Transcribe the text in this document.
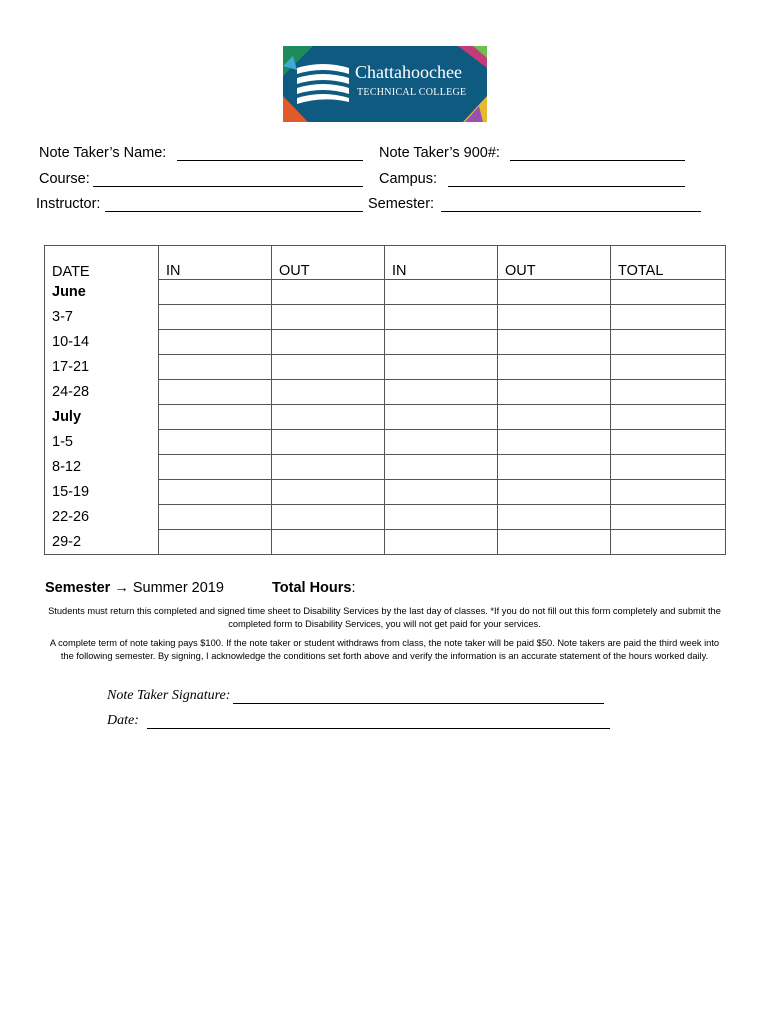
Chattahoochee
TECHNICAL COLLEGE
Note Taker’s Name:	Note Taker’s 900#:
Course:	Campus:
Instructor:	Semester:
DATE	IN	OUT	IN	OUT	TOTAL
June					
3-7					
10-14					
17-21					
24-28					
July					
1-5					
8-12					
15-19					
22-26					
29-2					
Semester → Summer 2019	Total Hours:
Students must return this completed and signed time sheet to Disability Services by the last day of classes. *If you do not fill out this form completely and submit the completed form to Disability Services, you will not get paid for your services.
A complete term of note taking pays $100. If the note taker or student withdraws from class, the note taker will be paid $50. Note takers are paid the third week into the following semester. By signing, I acknowledge the conditions set forth above and verify the information is an accurate statement of the hours worked daily.
Note Taker Signature:
Date:
